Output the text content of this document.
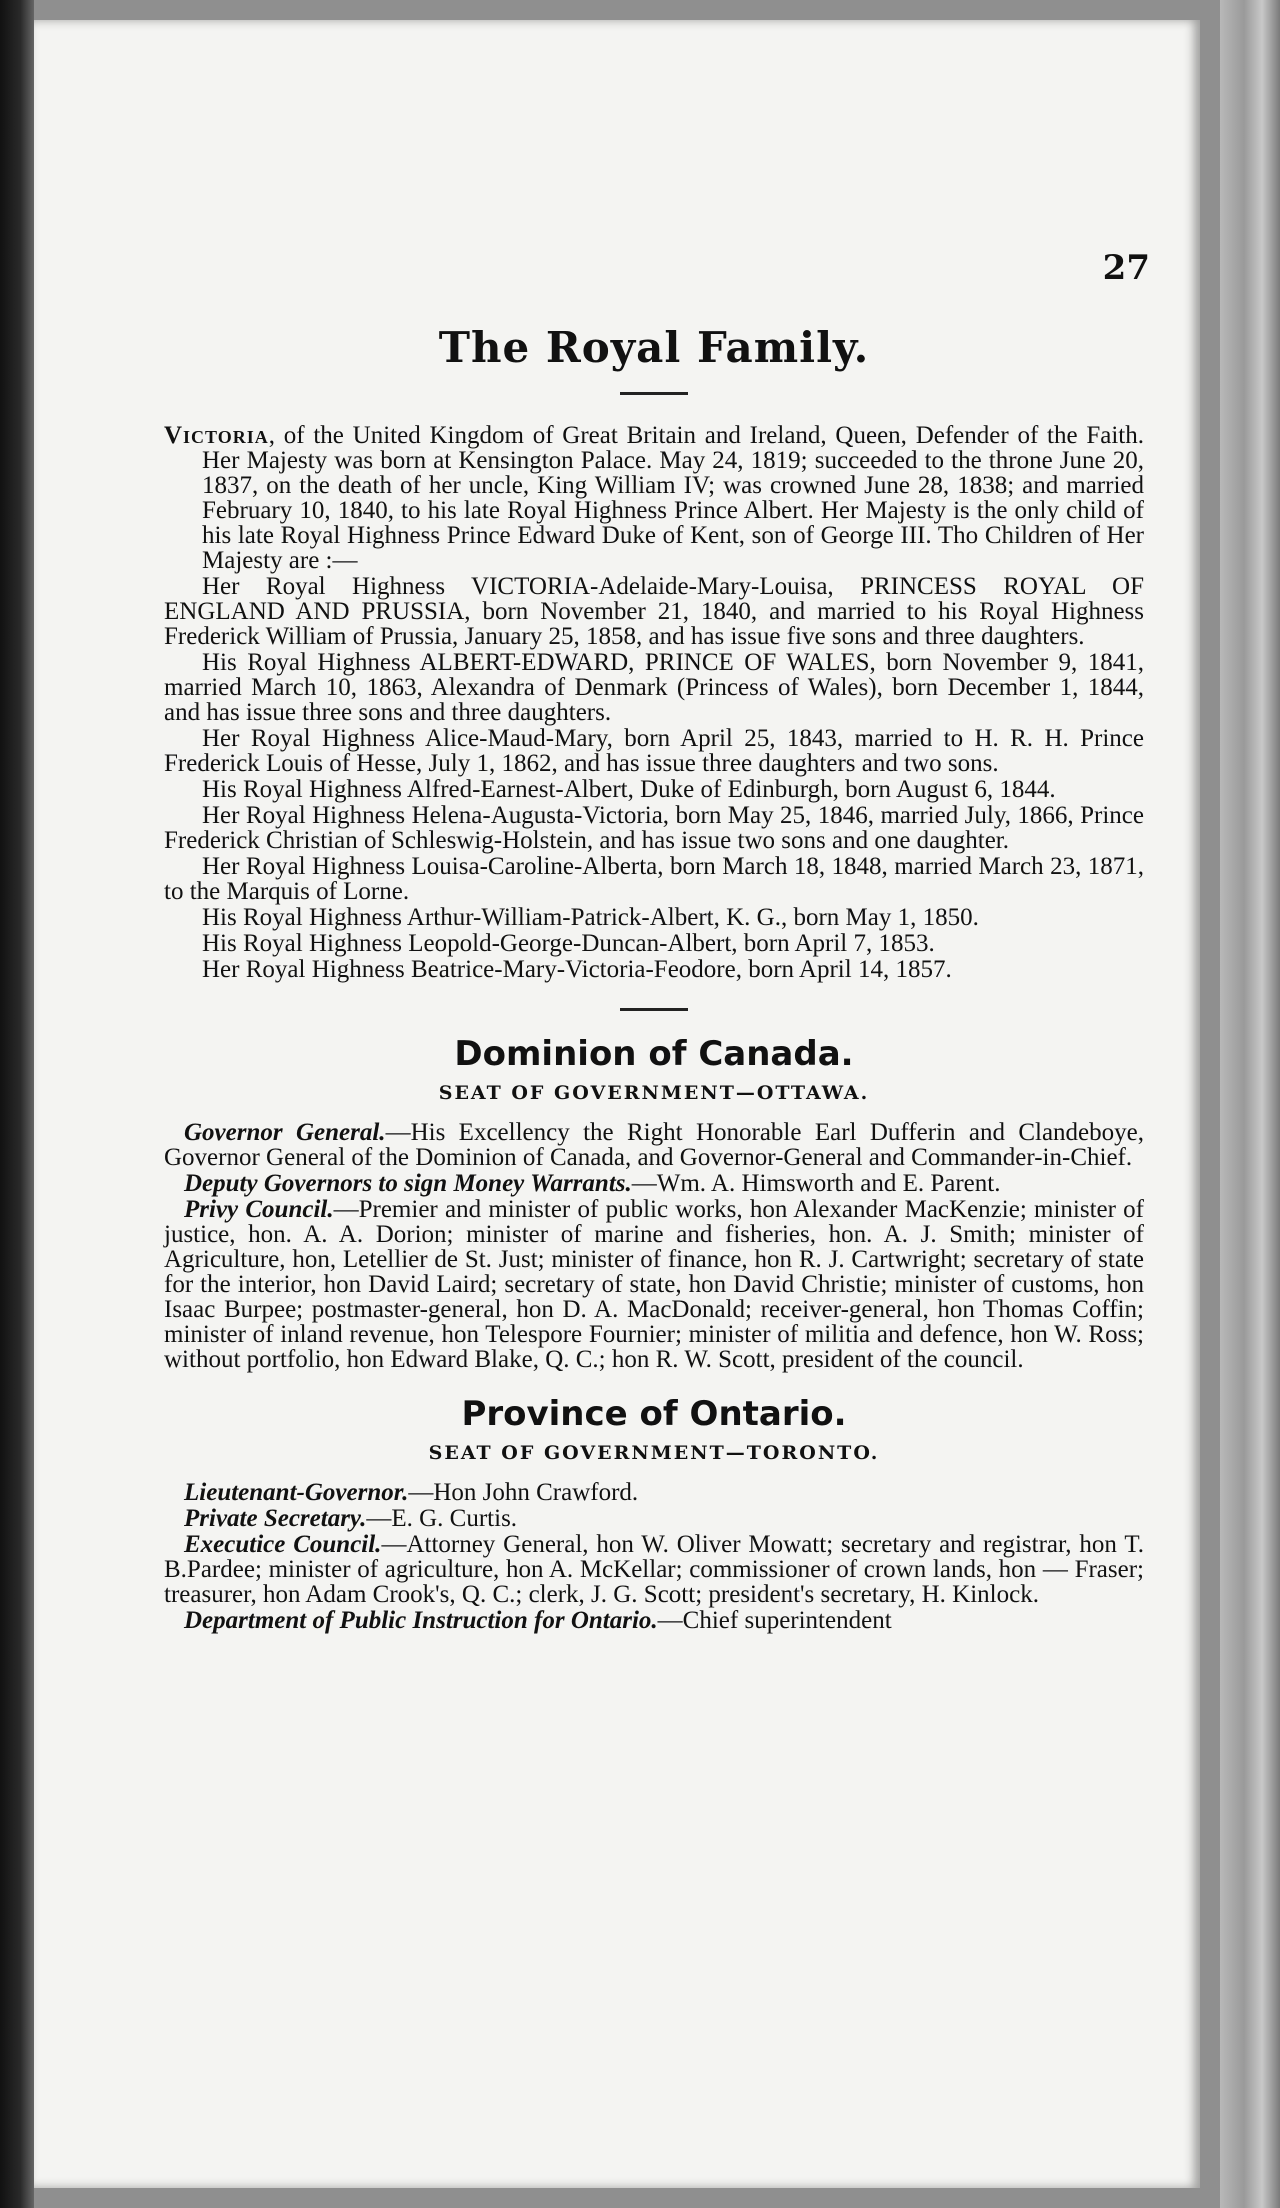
27
The Royal Family.

Victoria, of the United Kingdom of Great Britain and Ireland, Queen, Defender of the Faith. Her Majesty was born at Kensington Palace. May 24, 1819; succeeded to the throne June 20, 1837, on the death of her uncle, King William IV; was crowned June 28, 1838; and married February 10, 1840, to his late Royal Highness Prince Albert. Her Majesty is the only child of his late Royal Highness Prince Edward Duke of Kent, son of George III. Tho Children of Her Majesty are :—

Her Royal Highness VICTORIA-Adelaide-Mary-Louisa, PRINCESS ROYAL OF ENGLAND AND PRUSSIA, born November 21, 1840, and married to his Royal Highness Frederick William of Prussia, January 25, 1858, and has issue five sons and three daughters.

His Royal Highness ALBERT-EDWARD, PRINCE OF WALES, born November 9, 1841, married March 10, 1863, Alexandra of Denmark (Princess of Wales), born December 1, 1844, and has issue three sons and three daughters.

Her Royal Highness Alice-Maud-Mary, born April 25, 1843, married to H. R. H. Prince Frederick Louis of Hesse, July 1, 1862, and has issue three daughters and two sons.

His Royal Highness Alfred-Earnest-Albert, Duke of Edinburgh, born August 6, 1844.

Her Royal Highness Helena-Augusta-Victoria, born May 25, 1846, married July, 1866, Prince Frederick Christian of Schleswig-Holstein, and has issue two sons and one daughter.

Her Royal Highness Louisa-Caroline-Alberta, born March 18, 1848, married March 23, 1871, to the Marquis of Lorne.

His Royal Highness Arthur-William-Patrick-Albert, K. G., born May 1, 1850.

His Royal Highness Leopold-George-Duncan-Albert, born April 7, 1853.

Her Royal Highness Beatrice-Mary-Victoria-Feodore, born April 14, 1857.

Dominion of Canada.
SEAT OF GOVERNMENT—OTTAWA.

Governor General.—His Excellency the Right Honorable Earl Dufferin and Clandeboye, Governor General of the Dominion of Canada, and Governor-General and Commander-in-Chief.

Deputy Governors to sign Money Warrants.—Wm. A. Himsworth and E. Parent.

Privy Council.—Premier and minister of public works, hon Alexander MacKenzie; minister of justice, hon. A. A. Dorion; minister of marine and fisheries, hon. A. J. Smith; minister of Agriculture, hon, Letellier de St. Just; minister of finance, hon R. J. Cartwright; secretary of state for the interior, hon David Laird; secretary of state, hon David Christie; minister of customs, hon Isaac Burpee; postmaster-general, hon D. A. MacDonald; receiver-general, hon Thomas Coffin; minister of inland revenue, hon Telespore Fournier; minister of militia and defence, hon W. Ross; without portfolio, hon Edward Blake, Q. C.; hon R. W. Scott, president of the council.

Province of Ontario.
SEAT OF GOVERNMENT—TORONTO.

Lieutenant-Governor.—Hon John Crawford.

Private Secretary.—E. G. Curtis.

Executice Council.—Attorney General, hon W. Oliver Mowatt; secretary and registrar, hon T. B.Pardee; minister of agriculture, hon A. McKellar; commissioner of crown lands, hon — Fraser; treasurer, hon Adam Crook's, Q. C.; clerk, J. G. Scott; president's secretary, H. Kinlock.

Department of Public Instruction for Ontario.—Chief superintendent
